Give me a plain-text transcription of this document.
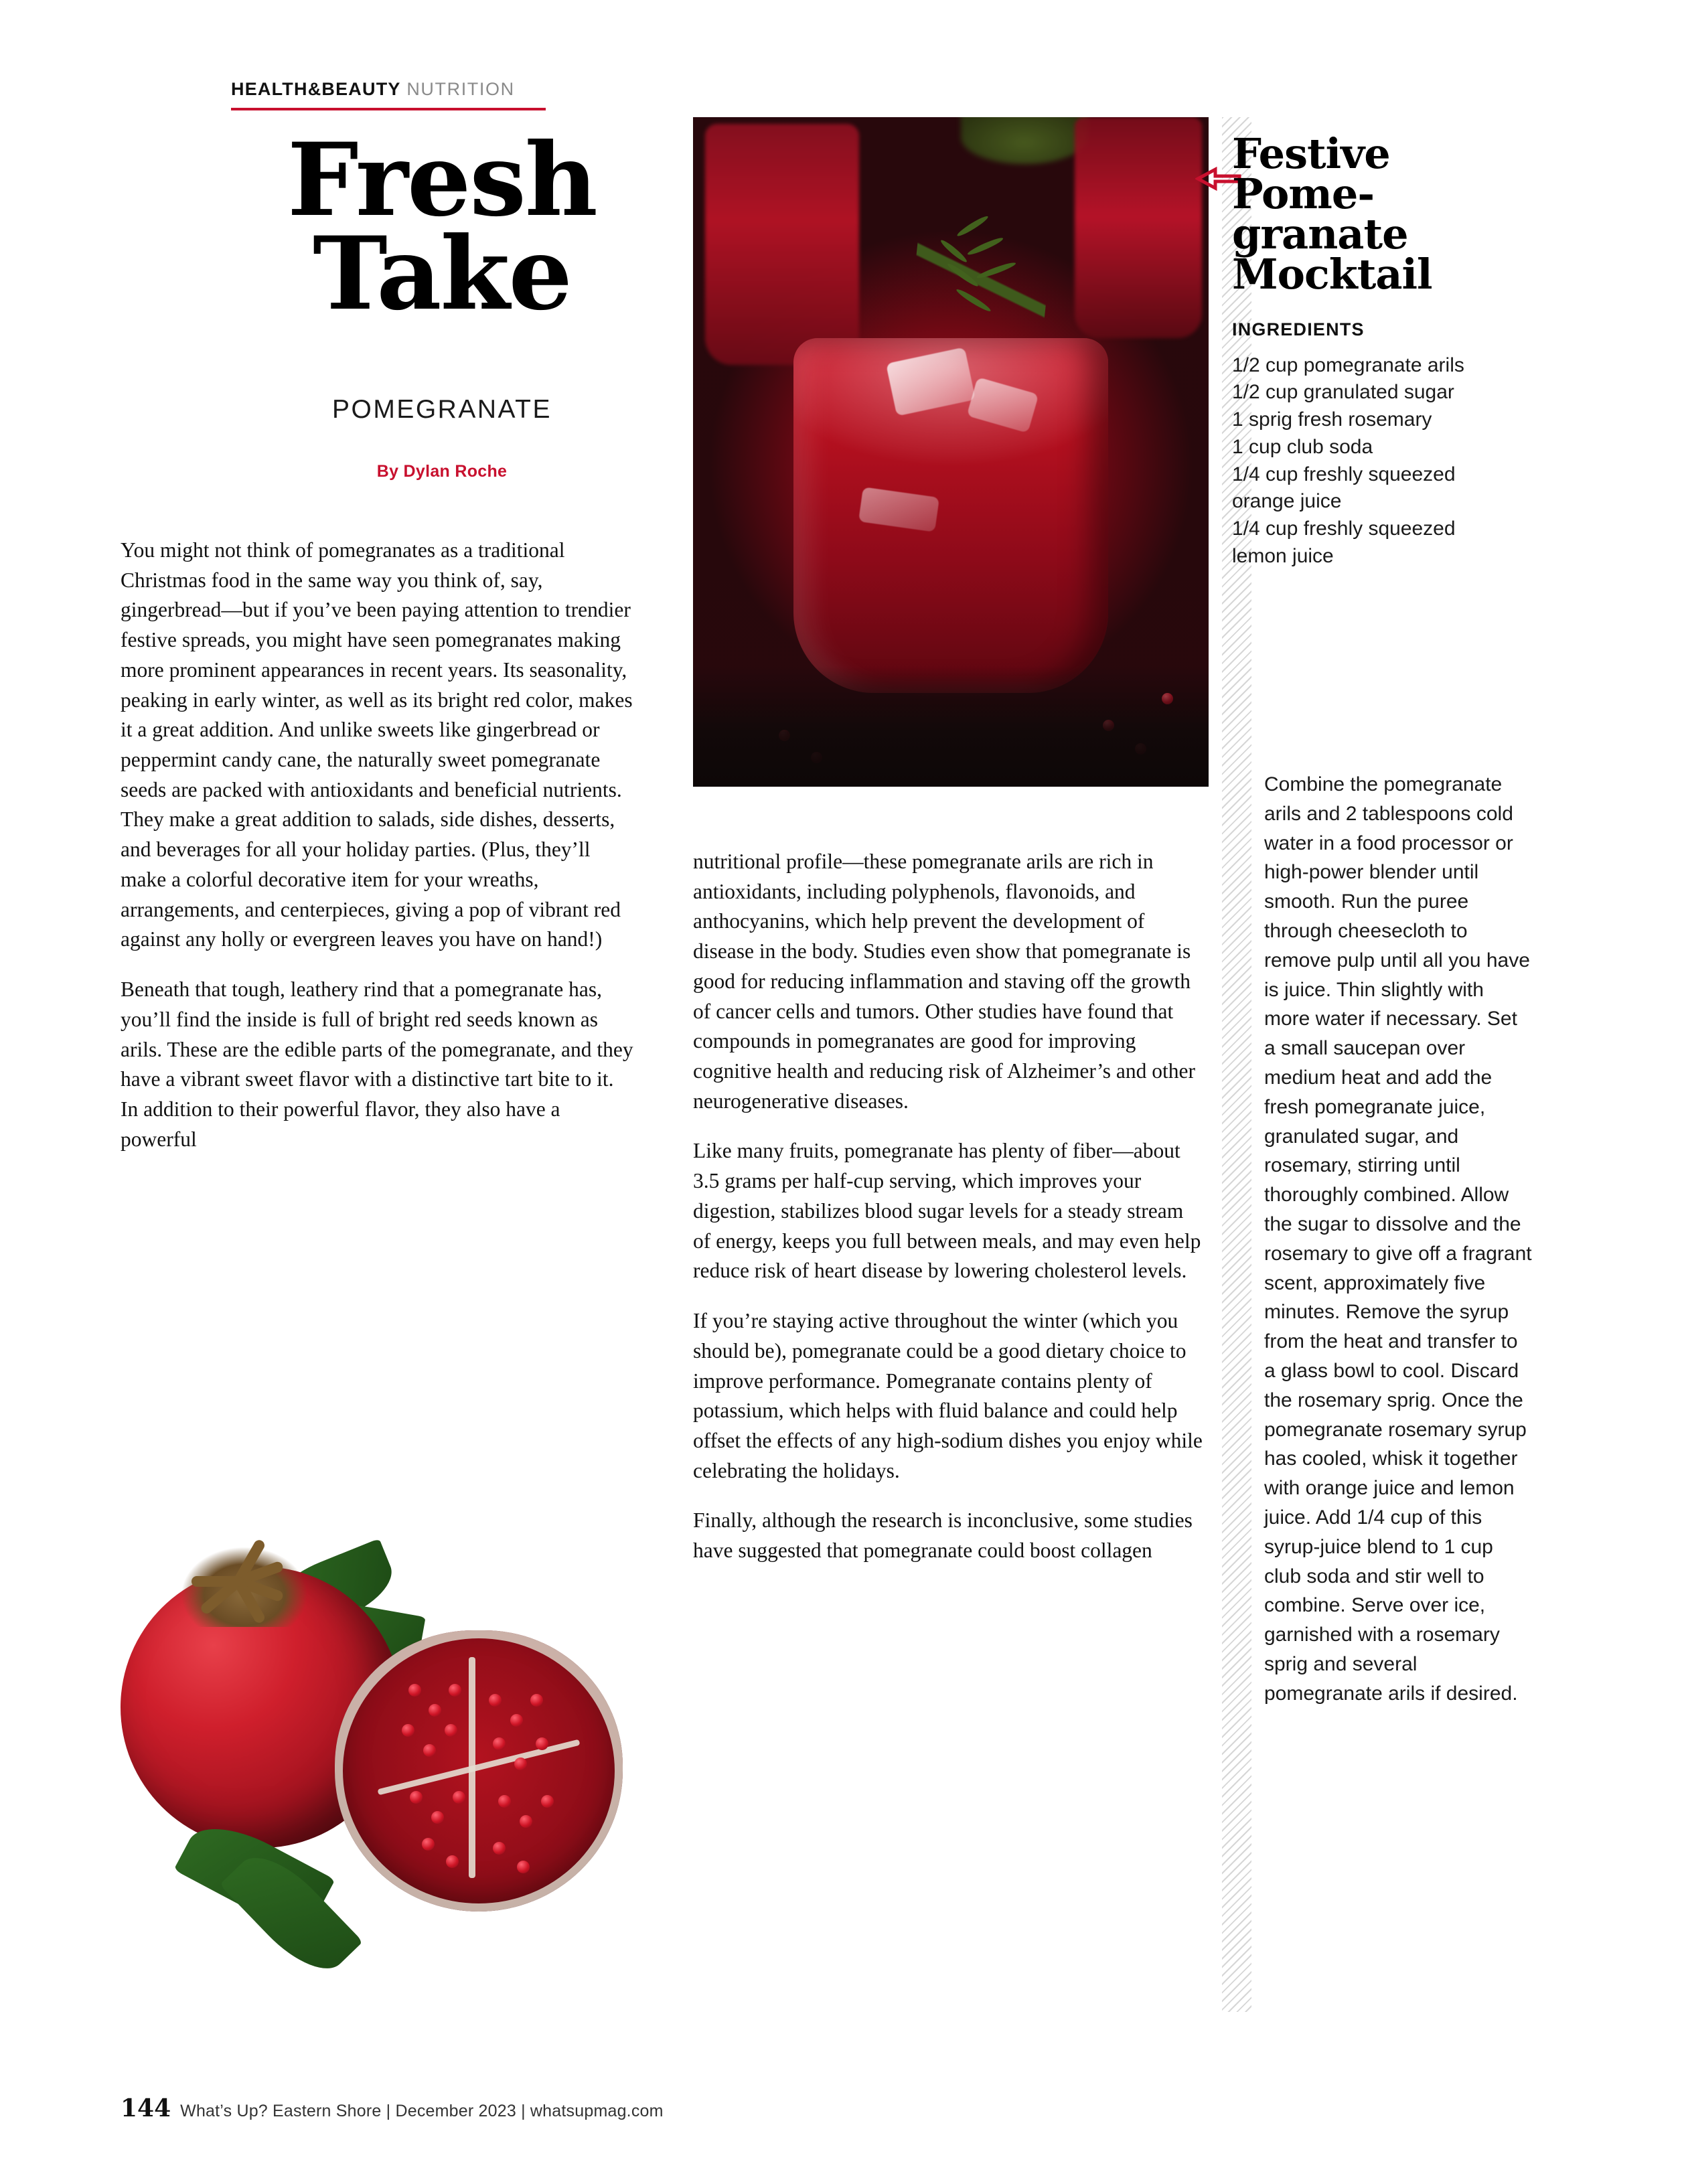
HEALTH&BEAUTY NUTRITION
Fresh
Take
POMEGRANATE
By Dylan Roche

You might not think of pomegranates as a traditional Christmas food in the same way you think of, say, gingerbread—but if you’ve been paying attention to trendier festive spreads, you might have seen pomegranates making more prominent appearances in recent years. Its seasonality, peaking in early winter, as well as its bright red color, makes it a great addition. And unlike sweets like gingerbread or peppermint candy cane, the naturally sweet pomegranate seeds are packed with antioxidants and beneficial nutrients. They make a great addition to salads, side dishes, desserts, and beverages for all your holiday parties. (Plus, they’ll make a colorful decorative item for your wreaths, arrangements, and centerpieces, giving a pop of vibrant red against any holly or evergreen leaves you have on hand!)

Beneath that tough, leathery rind that a pomegranate has, you’ll find the inside is full of bright red seeds known as arils. These are the edible parts of the pomegranate, and they have a vibrant sweet flavor with a distinctive tart bite to it. In addition to their powerful flavor, they also have a powerful

nutritional profile—these pomegranate arils are rich in antioxidants, including polyphenols, flavonoids, and anthocyanins, which help prevent the development of disease in the body. Studies even show that pomegranate is good for reducing inflammation and staving off the growth of cancer cells and tumors. Other studies have found that compounds in pomegranates are good for improving cognitive health and reducing risk of Alzheimer’s and other neurogenerative diseases.

Like many fruits, pomegranate has plenty of fiber—about 3.5 grams per half-cup serving, which improves your digestion, stabilizes blood sugar levels for a steady stream of energy, keeps you full between meals, and may even help reduce risk of heart disease by lowering cholesterol levels.

If you’re staying active throughout the winter (which you should be), pomegranate could be a good dietary choice to improve performance. Pomegranate contains plenty of potassium, which helps with fluid balance and could help offset the effects of any high-sodium dishes you enjoy while celebrating the holidays.

Finally, although the research is inconclusive, some studies have suggested that pomegranate could boost collagen

Festive
Pome-
granate
Mocktail
INGREDIENTS
1/2 cup pomegranate arils
1/2 cup granulated sugar
1 sprig fresh rosemary
1 cup club soda
1/4 cup freshly squeezed orange juice
1/4 cup freshly squeezed lemon juice
Combine the pomegranate arils and 2 tablespoons cold water in a food processor or high-power blender until smooth. Run the puree through cheesecloth to remove pulp until all you have is juice. Thin slightly with more water if necessary. Set a small saucepan over medium heat and add the fresh pomegranate juice, granulated sugar, and rosemary, stirring until thoroughly combined. Allow the sugar to dissolve and the rosemary to give off a fragrant scent, approximately five minutes. Remove the syrup from the heat and transfer to a glass bowl to cool. Discard the rosemary sprig. Once the pomegranate rosemary syrup has cooled, whisk it together with orange juice and lemon juice. Add 1/4 cup of this syrup-juice blend to 1 cup club soda and stir well to combine. Serve over ice, garnished with a rosemary sprig and several pomegranate arils if desired.
144 What’s Up? Eastern Shore | December 2023 | whatsupmag.com
